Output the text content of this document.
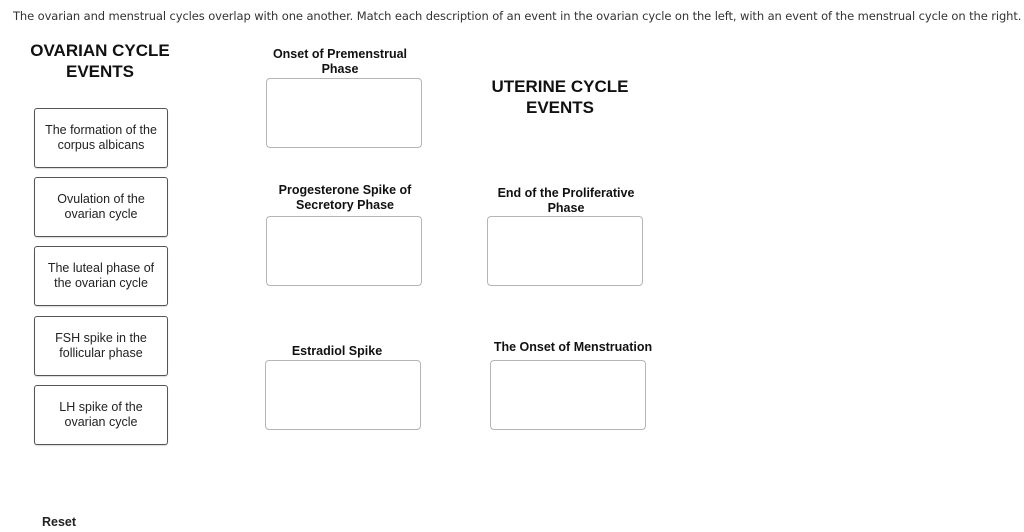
The ovarian and menstrual cycles overlap with one another. Match each description of an event in the ovarian cycle on the left, with an event of the menstrual cycle on the right.
OVARIAN CYCLE
EVENTS
UTERINE CYCLE
EVENTS
The formation of the corpus albicans
Ovulation of the ovarian cycle
The luteal phase of the ovarian cycle
FSH spike in the follicular phase
LH spike of the ovarian cycle
Onset of Premenstrual Phase
Progesterone Spike of Secretory Phase
Estradiol Spike
End of the Proliferative Phase
The Onset of Menstruation
Reset
